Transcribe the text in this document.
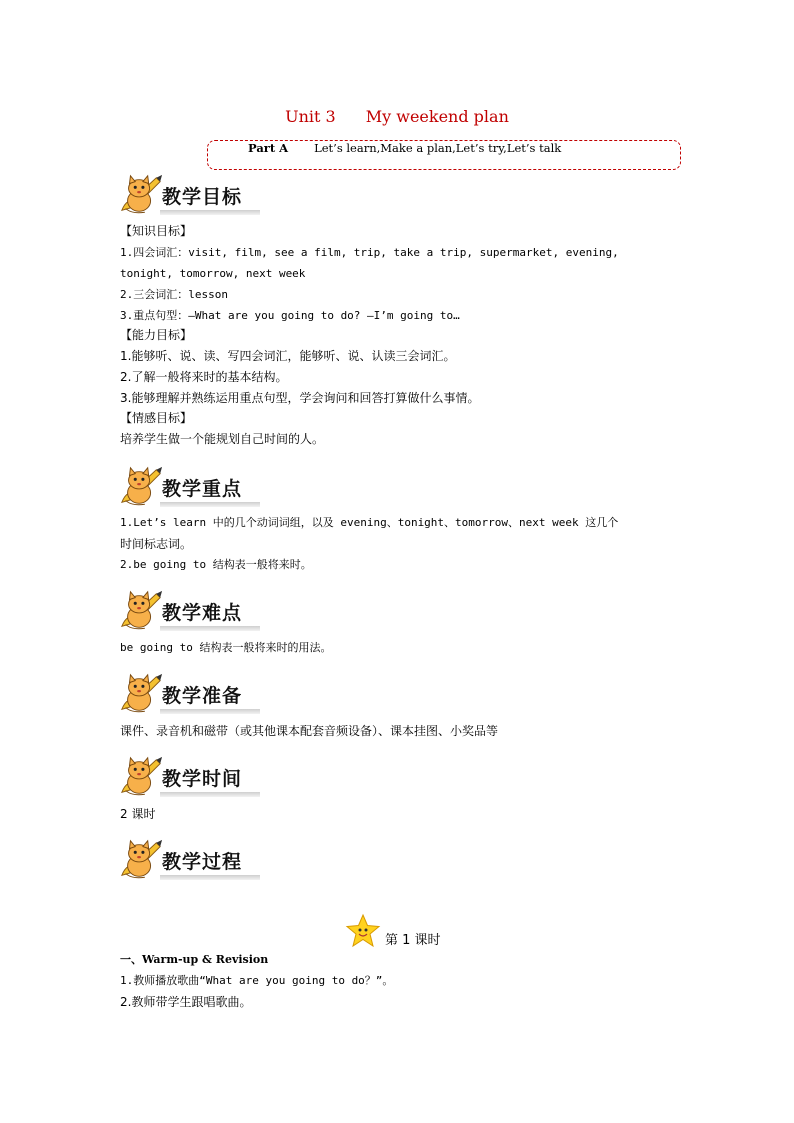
Unit 3 My weekend plan
Part A Let’s learn,Make a plan,Let’s try,Let’s talk
教学目标
【知识目标】
1.四会词汇：visit, film, see a film, trip, take a trip, supermarket, evening,
tonight, tomorrow, next week
2.三会词汇：lesson
3.重点句型：—What are you going to do? —I’m going to…
【能力目标】
1.能够听、说、读、写四会词汇，能够听、说、认读三会词汇。
2.了解一般将来时的基本结构。
3.能够理解并熟练运用重点句型，学会询问和回答打算做什么事情。
【情感目标】
培养学生做一个能规划自己时间的人。
教学重点
1.Let’s learn 中的几个动词词组，以及 evening、tonight、tomorrow、next week 这几个
时间标志词。
2.be going to 结构表一般将来时。
教学难点
be going to 结构表一般将来时的用法。
教学准备
课件、录音机和磁带（或其他课本配套音频设备）、课本挂图、小奖品等
教学时间
2 课时
教学过程
第 1 课时
一、Warm-up & Revision
1.教师播放歌曲“What are you going to do？”。
2.教师带学生跟唱歌曲。
